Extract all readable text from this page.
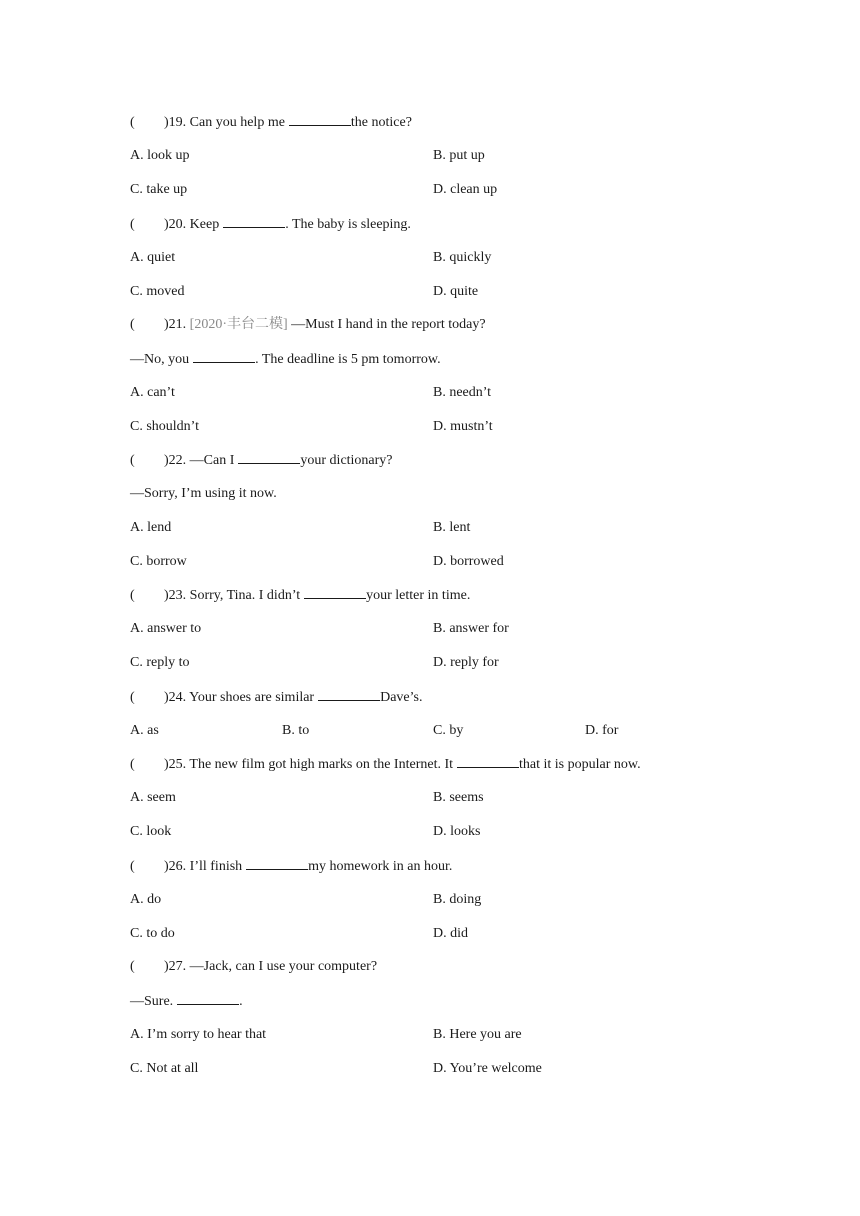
( )19. Can you help me	the notice?
A. look up	B. put up
C. take up	D. clean up
( )20. Keep	. The baby is sleeping.
A. quiet	B. quickly
C. moved	D. quite
( )21. [2020·丰台二模] —Must I hand in the report today?
—No, you	. The deadline is 5 pm tomorrow.
A. can’t	B. needn’t
C. shouldn’t	D. mustn’t
( )22. —Can I	your dictionary?
—Sorry, I’m using it now.
A. lend	B. lent
C. borrow	D. borrowed
( )23. Sorry, Tina. I didn’t	your letter in time.
A. answer to	B. answer for
C. reply to	D. reply for
( )24. Your shoes are similar	Dave’s.
A. as	B. to	C. by	D. for
( )25. The new film got high marks on the Internet. It	that it is popular now.
A. seem	B. seems
C. look	D. looks
( )26. I’ll finish	my homework in an hour.
A. do	B. doing
C. to do	D. did
( )27. —Jack, can I use your computer?
—Sure.	.
A. I’m sorry to hear that	B. Here you are
C. Not at all	D. You’re welcome
